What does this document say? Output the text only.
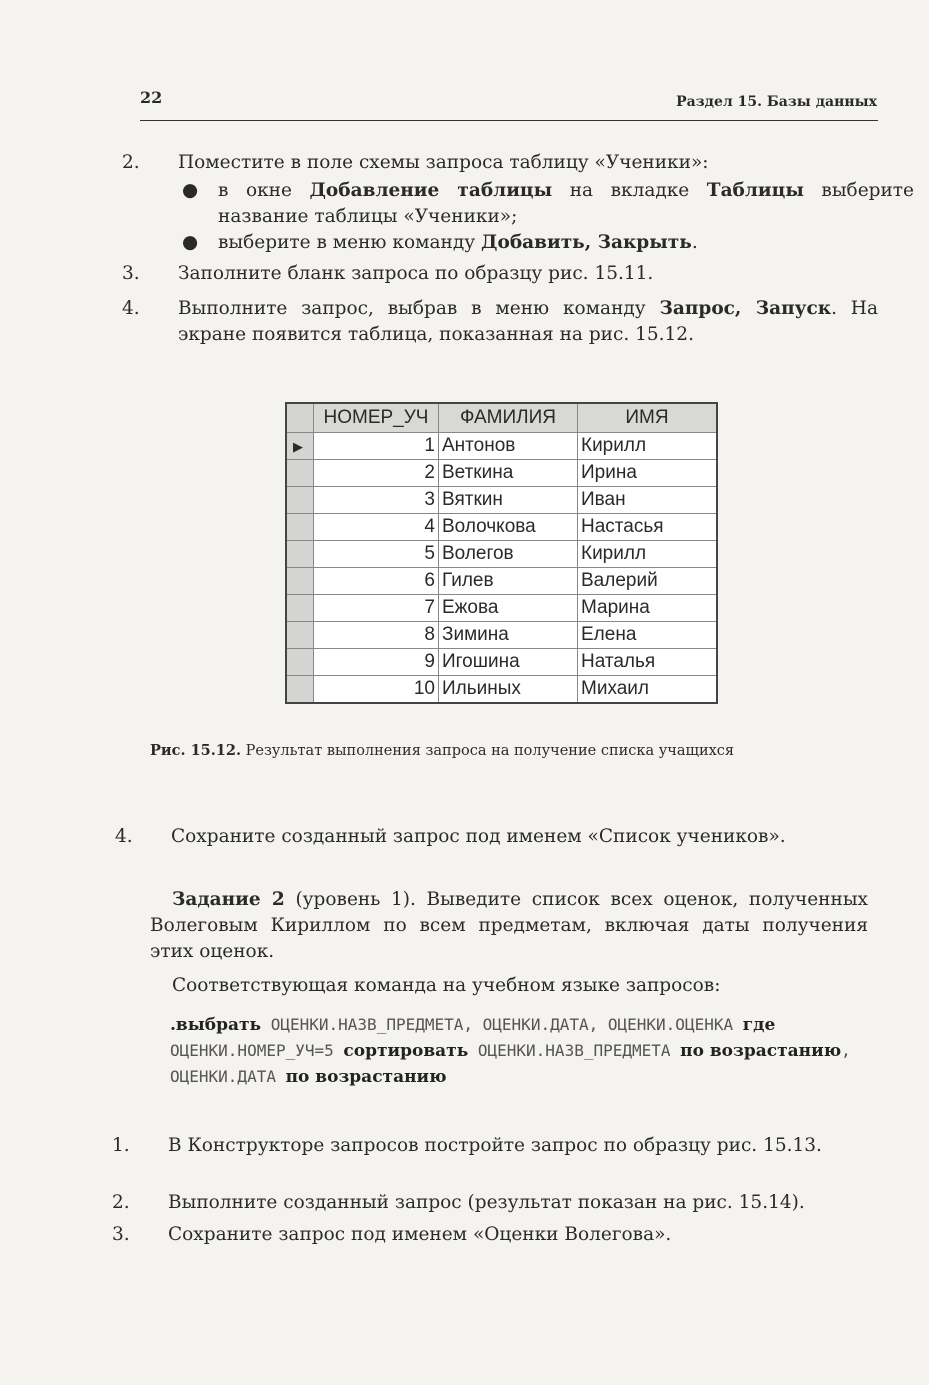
22	Раздел 15. Базы данных
2. Поместите в поле схемы запроса таблицу «Ученики»:
● в окне Добавление таблицы на вкладке Таблицы выберите название таблицы «Ученики»;
● выберите в меню команду Добавить, Закрыть.
3. Заполните бланк запроса по образцу рис. 15.11.
4. Выполните запрос, выбрав в меню команду Запрос, Запуск. На экране появится таблица, показанная на рис. 15.12.
	НОМЕР_УЧ	ФАМИЛИЯ	ИМЯ
▶	1	Антонов	Кирилл
	2	Веткина	Ирина
	3	Вяткин	Иван
	4	Волочкова	Настасья
	5	Волегов	Кирилл
	6	Гилев	Валерий
	7	Ежова	Марина
	8	Зимина	Елена
	9	Игошина	Наталья
	10	Ильиных	Михаил
Рис. 15.12. Результат выполнения запроса на получение списка учащихся
4. Сохраните созданный запрос под именем «Список учеников».
Задание 2 (уровень 1). Выведите список всех оценок, полученных Волеговым Кириллом по всем предметам, включая даты получения этих оценок.
Соответствующая команда на учебном языке запросов:
.выбрать ОЦЕНКИ.НАЗВ_ПРЕДМЕТА, ОЦЕНКИ.ДАТА, ОЦЕНКИ.ОЦЕНКА где ОЦЕНКИ.НОМЕР_УЧ=5 сортировать ОЦЕНКИ.НАЗВ_ПРЕДМЕТА по возрастанию, ОЦЕНКИ.ДАТА по возрастанию
1. В Конструкторе запросов постройте запрос по образцу рис. 15.13.
2. Выполните созданный запрос (результат показан на рис. 15.14).
3. Сохраните запрос под именем «Оценки Волегова».
